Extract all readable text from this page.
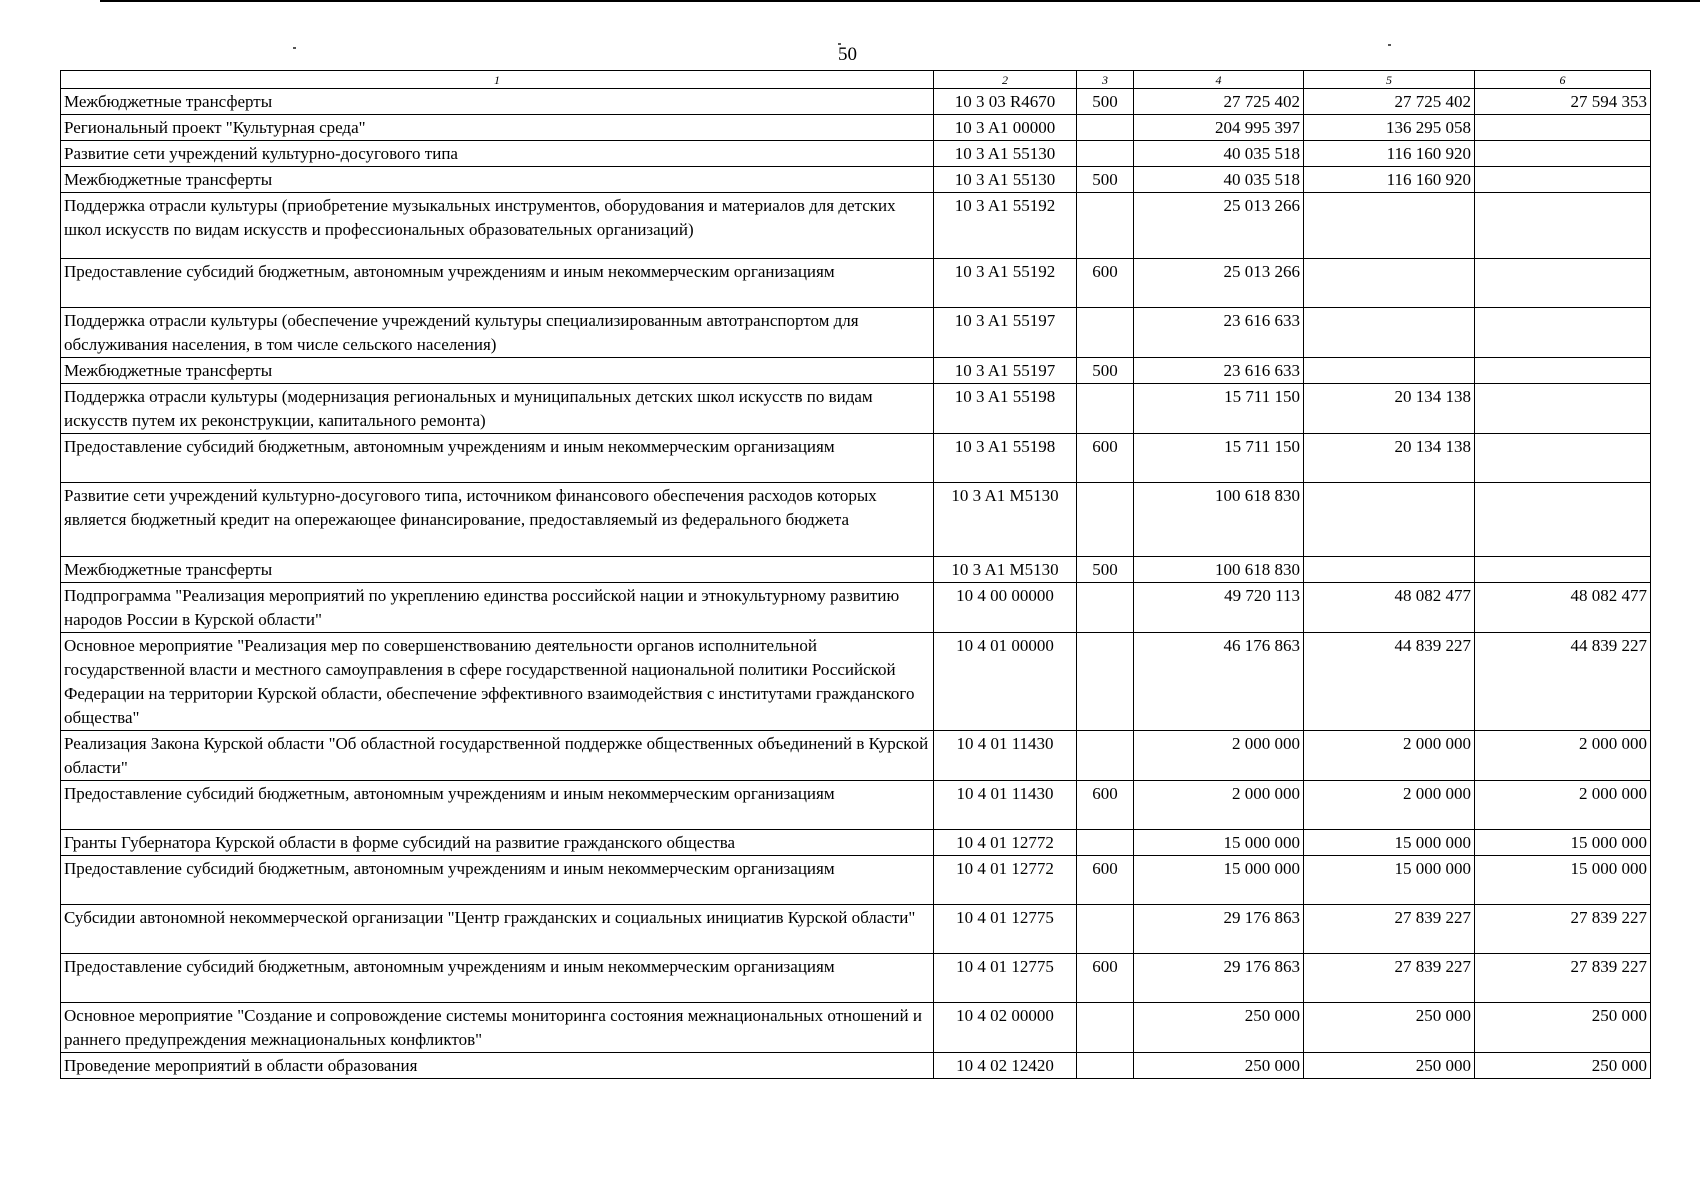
50
1	2	3	4	5	6
Межбюджетные трансферты	10 3 03 R4670	500	27 725 402	27 725 402	27 594 353
Региональный проект "Культурная среда"	10 3 A1 00000		204 995 397	136 295 058	
Развитие сети учреждений культурно-досугового типа	10 3 A1 55130		40 035 518	116 160 920	
Межбюджетные трансферты	10 3 A1 55130	500	40 035 518	116 160 920	
Поддержка отрасли культуры (приобретение музыкальных инструментов, оборудования и материалов для детских школ искусств по видам искусств и профессиональных образовательных организаций)	10 3 A1 55192		25 013 266		
Предоставление субсидий бюджетным, автономным учреждениям и иным некоммерческим организациям	10 3 A1 55192	600	25 013 266		
Поддержка отрасли культуры (обеспечение учреждений культуры специализированным автотранспортом для обслуживания населения, в том числе сельского населения)	10 3 A1 55197		23 616 633		
Межбюджетные трансферты	10 3 A1 55197	500	23 616 633		
Поддержка отрасли культуры (модернизация региональных и муниципальных детских школ искусств по видам искусств путем их реконструкции, капитального ремонта)	10 3 A1 55198		15 711 150	20 134 138	
Предоставление субсидий бюджетным, автономным учреждениям и иным некоммерческим организациям	10 3 A1 55198	600	15 711 150	20 134 138	
Развитие сети учреждений культурно-досугового типа, источником финансового обеспечения расходов которых является бюджетный кредит на опережающее финансирование, предоставляемый из федерального бюджета	10 3 A1 M5130		100 618 830		
Межбюджетные трансферты	10 3 A1 M5130	500	100 618 830		
Подпрограмма "Реализация мероприятий по укреплению единства российской нации и этнокультурному развитию народов России в Курской области"	10 4 00 00000		49 720 113	48 082 477	48 082 477
Основное мероприятие "Реализация мер по совершенствованию деятельности органов исполнительной государственной власти и местного самоуправления в сфере государственной национальной политики Российской Федерации на территории Курской области, обеспечение эффективного взаимодействия с институтами гражданского общества"	10 4 01 00000		46 176 863	44 839 227	44 839 227
Реализация Закона Курской области "Об областной государственной поддержке общественных объединений в Курской области"	10 4 01 11430		2 000 000	2 000 000	2 000 000
Предоставление субсидий бюджетным, автономным учреждениям и иным некоммерческим организациям	10 4 01 11430	600	2 000 000	2 000 000	2 000 000
Гранты Губернатора Курской области в форме субсидий на развитие гражданского общества	10 4 01 12772		15 000 000	15 000 000	15 000 000
Предоставление субсидий бюджетным, автономным учреждениям и иным некоммерческим организациям	10 4 01 12772	600	15 000 000	15 000 000	15 000 000
Субсидии автономной некоммерческой организации "Центр гражданских и социальных инициатив Курской области"	10 4 01 12775		29 176 863	27 839 227	27 839 227
Предоставление субсидий бюджетным, автономным учреждениям и иным некоммерческим организациям	10 4 01 12775	600	29 176 863	27 839 227	27 839 227
Основное мероприятие "Создание и сопровождение системы мониторинга состояния межнациональных отношений и раннего предупреждения межнациональных конфликтов"	10 4 02 00000		250 000	250 000	250 000
Проведение мероприятий в области образования	10 4 02 12420		250 000	250 000	250 000
